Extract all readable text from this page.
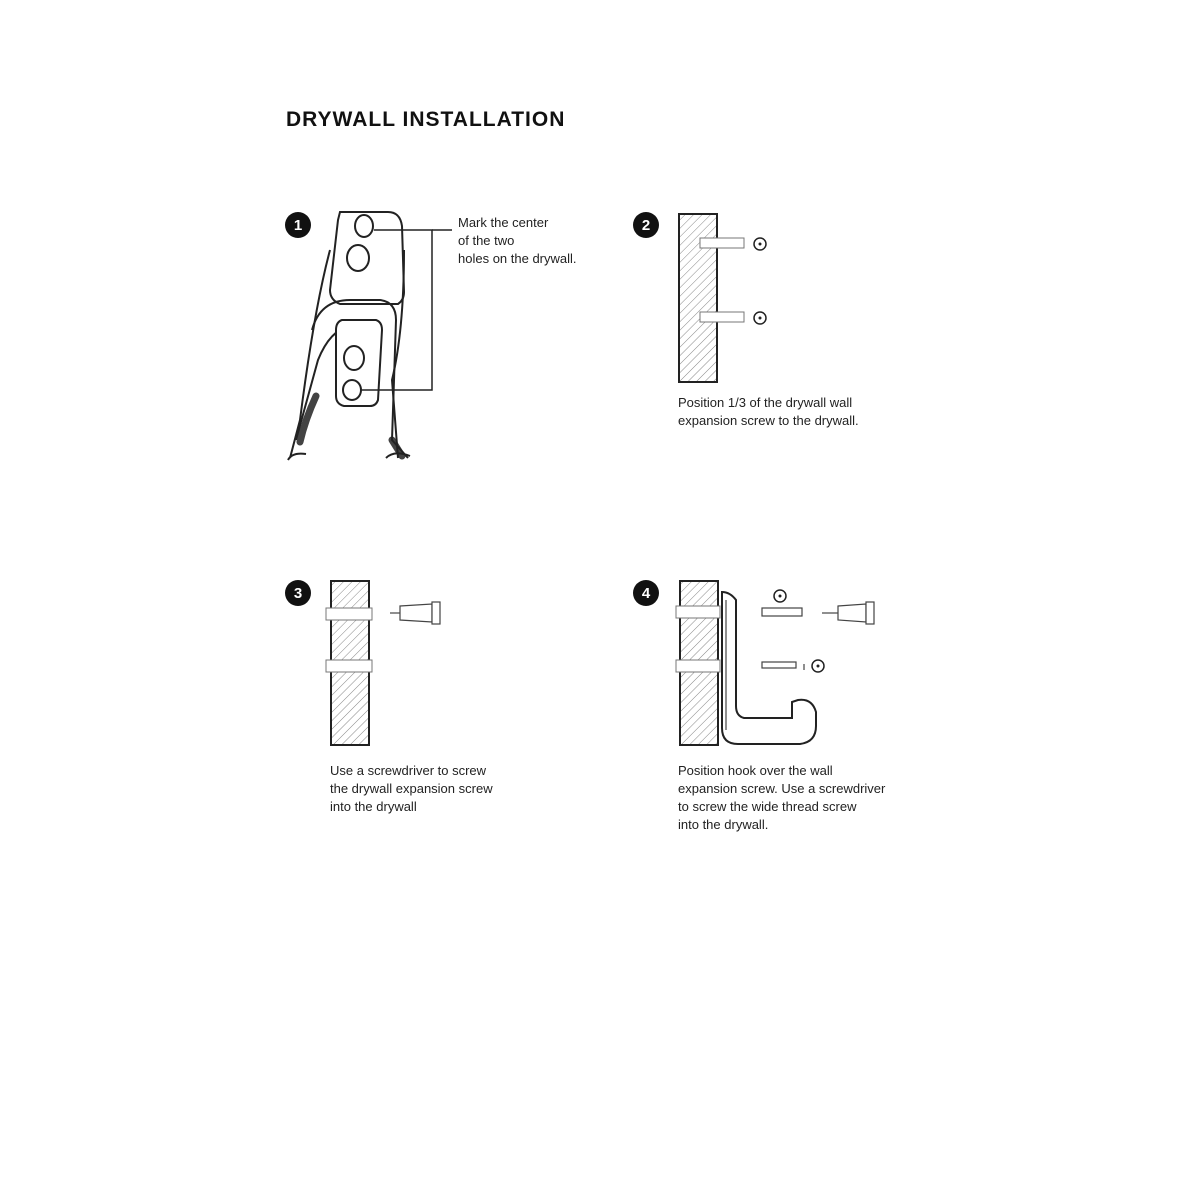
DRYWALL INSTALLATION
1	2
3	4
Mark the center
of the two
holes on the drywall.
Position 1/3 of the drywall wall
expansion screw to the drywall.
Use a screwdriver to screw
the drywall expansion screw
into the drywall
Position hook over the wall
expansion screw. Use a screwdriver
to screw the wide thread screw
into the drywall.
